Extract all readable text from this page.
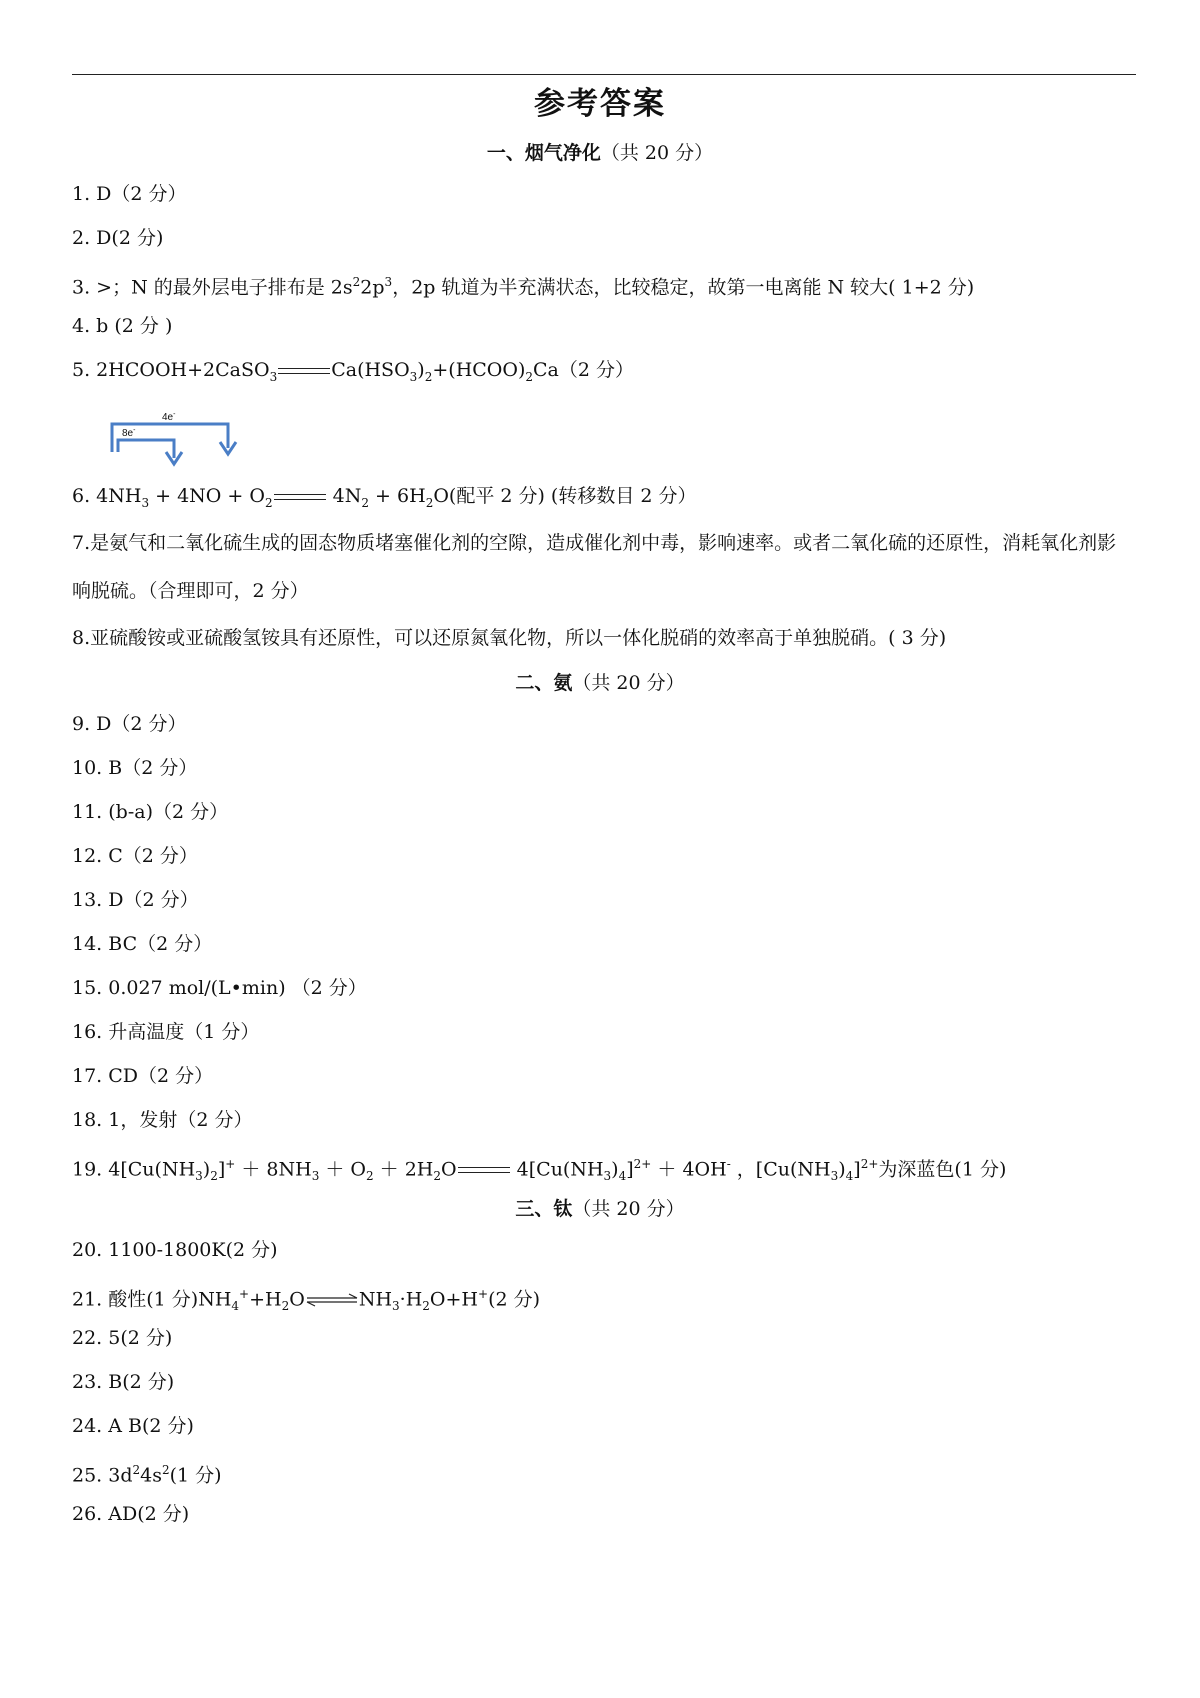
参考答案
一、烟气净化（共 20 分）
1. D（2 分）
2. D(2 分)
3. >；N 的最外层电子排布是 $2s^22p^3$，2p 轨道为半充满状态，比较稳定，故第一电离能 N 较大( 1+2 分)
4. b (2 分 )
5. 2HCOOH+2CaSO$_3$	$Ca(HSO_3)_2+(HCOO)_2Ca(2$ 分）
4e-
8e-
6. $4NH_3 + 4NO + O_2$	$4N_2 + 6H_2O$(配平 2 分) (转移数目 2 分）
7.是氨气和二氧化硫生成的固态物质堵塞催化剂的空隙，造成催化剂中毒，影响速率。或者二氧化硫的还原性，消耗氧化剂影响脱硫。（合理即可，2 分）
8.亚硫酸铵或亚硫酸氢铵具有还原性，可以还原氮氧化物，所以一体化脱硝的效率高于单独脱硝。( 3 分)
二、氨（共 20 分）
9. D（2 分）
10. B（2 分）
11. (b-a)（2 分）
12. C（2 分）
13. D（2 分）
14. BC（2 分）
15. 0.027 mol/(L•min) （2 分）
16. 升高温度（1 分）
17. CD（2 分）
18. 1，发射（2 分）
19. $4[Cu(NH_3)_2]^+ + 8NH_3 + O_2 + 2H_2O$	$4[Cu(NH_3)_4]^{2+} + 4OH^-$ ，$[Cu(NH_3)_4]^{2+}$为深蓝色(1 分)
三、钛（共 20 分）
20. 1100-1800K(2 分)
21. 酸性(1 分)$NH_4^++H_2O\rightleftharpoons NH_3\cdot H_2O+H^+(2$ 分)
22. 5(2 分)
23. B(2 分)
24. A B(2 分)
25. $3d^24s^2(1$ 分)
26. AD(2 分)
